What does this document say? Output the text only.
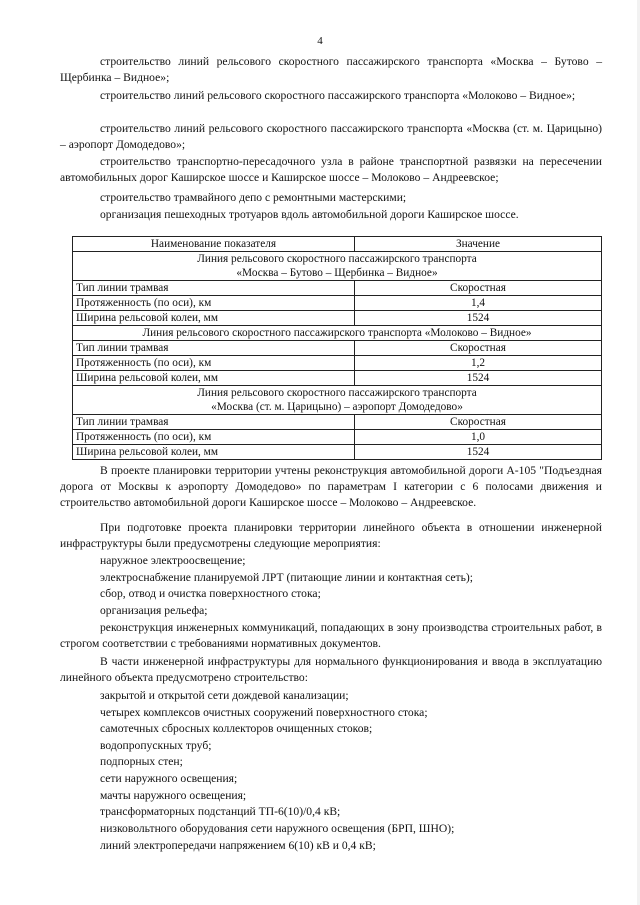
4
строительство линий рельсового скоростного пассажирского транспорта «Москва – Бутово – Щербинка – Видное»;
строительство линий рельсового скоростного пассажирского транспорта «Молоково – Видное»;
строительство линий рельсового скоростного пассажирского транспорта «Москва (ст. м. Царицыно) – аэропорт Домодедово»;
строительство транспортно-пересадочного узла в районе транспортной развязки на пересечении автомобильных дорог Каширское шоссе и Каширское шоссе – Молоково – Андреевское;
строительство трамвайного депо с ремонтными мастерскими;
организация пешеходных тротуаров вдоль автомобильной дороги Каширское шоссе.
Наименование показателя	Значение

Линия рельсового скоростного пассажирского транспорта
«Москва – Бутово – Щербинка – Видное»	

Тип линии трамвая	Скоростная
Протяженность (по оси), км	1,4
Ширина рельсовой колеи, мм	1524
Линия рельсового скоростного пассажирского транспорта «Молоково – Видное»	
Тип линии трамвая	Скоростная
Протяженность (по оси), км	1,2
Ширина рельсовой колеи, мм	1524

Линия рельсового скоростного пассажирского транспорта
«Москва (ст. м. Царицыно) – аэропорт Домодедово»	

Тип линии трамвая	Скоростная
Протяженность (по оси), км	1,0
Ширина рельсовой колеи, мм	1524
В проекте планировки территории учтены реконструкция автомобильной дороги А-105 "Подъездная дорога от Москвы к аэропорту Домодедово» по параметрам I категории с 6 полосами движения и строительство автомобильной дороги Каширское шоссе – Молоково – Андреевское.
При подготовке проекта планировки территории линейного объекта в отношении инженерной инфраструктуры были предусмотрены следующие мероприятия:
наружное электроосвещение;
электроснабжение планируемой ЛРТ (питающие линии и контактная сеть);
сбор, отвод и очистка поверхностного стока;
организация рельефа;
реконструкция инженерных коммуникаций, попадающих в зону производства строительных работ, в строгом соответствии с требованиями нормативных документов.
В части инженерной инфраструктуры для нормального функционирования и ввода в эксплуатацию линейного объекта предусмотрено строительство:
закрытой и открытой сети дождевой канализации;
четырех комплексов очистных сооружений поверхностного стока;
самотечных сбросных коллекторов очищенных стоков;
водопропускных труб;
подпорных стен;
сети наружного освещения;
мачты наружного освещения;
трансформаторных подстанций ТП-6(10)/0,4 кВ;
низковольтного оборудования сети наружного освещения (БРП, ШНО);
линий электропередачи напряжением 6(10) кВ и 0,4 кВ;
